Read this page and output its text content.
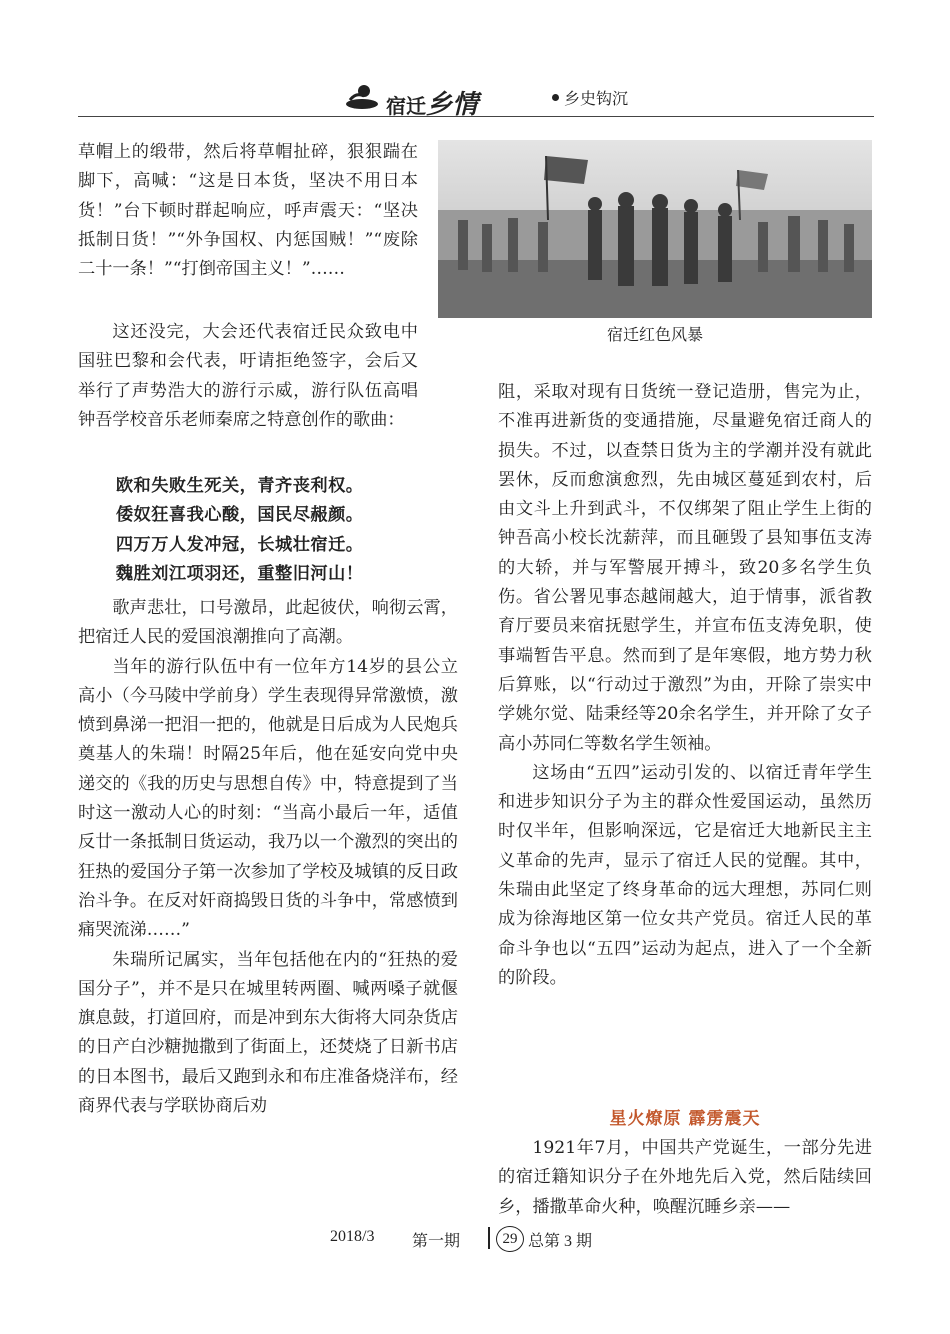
宿迁乡情	乡史钩沉

草帽上的缎带，然后将草帽扯碎，狠狠踹在脚下，高喊：“这是日本货，坚决不用日本货！”台下顿时群起响应，呼声震天：“坚决抵制日货！”“外争国权、内惩国贼！”“废除二十一条！”“打倒帝国主义！”……

宿迁红色风暴

这还没完，大会还代表宿迁民众致电中国驻巴黎和会代表，吁请拒绝签字，会后又举行了声势浩大的游行示威，游行队伍高唱钟吾学校音乐老师秦席之特意创作的歌曲：

欧和失败生死关，青齐丧利权。

倭奴狂喜我心酸，国民尽赧颜。

四万万人发冲冠，长城壮宿迁。

魏胜刘江项羽还，重整旧河山！

歌声悲壮，口号激昂，此起彼伏，响彻云霄，把宿迁人民的爱国浪潮推向了高潮。

当年的游行队伍中有一位年方14岁的县公立高小（今马陵中学前身）学生表现得异常激愤，激愤到鼻涕一把泪一把的，他就是日后成为人民炮兵奠基人的朱瑞！时隔25年后，他在延安向党中央递交的《我的历史与思想自传》中，特意提到了当时这一激动人心的时刻：“当高小最后一年，适值反廿一条抵制日货运动，我乃以一个激烈的突出的狂热的爱国分子第一次参加了学校及城镇的反日政治斗争。在反对奸商捣毁日货的斗争中，常感愤到痛哭流涕……”

朱瑞所记属实，当年包括他在内的“狂热的爱国分子”，并不是只在城里转两圈、喊两嗓子就偃旗息鼓，打道回府，而是冲到东大街将大同杂货店的日产白沙糖抛撒到了街面上，还焚烧了日新书店的日本图书，最后又跑到永和布庄准备烧洋布，经商界代表与学联协商后劝

阻，采取对现有日货统一登记造册，售完为止，不准再进新货的变通措施，尽量避免宿迁商人的损失。不过，以查禁日货为主的学潮并没有就此罢休，反而愈演愈烈，先由城区蔓延到农村，后由文斗上升到武斗，不仅绑架了阻止学生上街的钟吾高小校长沈薪萍，而且砸毁了县知事伍支涛的大轿，并与军警展开搏斗，致20多名学生负伤。省公署见事态越闹越大，迫于情事，派省教育厅要员来宿抚慰学生，并宣布伍支涛免职，使事端暂告平息。然而到了是年寒假，地方势力秋后算账，以“行动过于激烈”为由，开除了崇实中学姚尔觉、陆秉经等20余名学生，并开除了女子高小苏同仁等数名学生领袖。

这场由“五四”运动引发的、以宿迁青年学生和进步知识分子为主的群众性爱国运动，虽然历时仅半年，但影响深远，它是宿迁大地新民主主义革命的先声，显示了宿迁人民的觉醒。其中，朱瑞由此坚定了终身革命的远大理想，苏同仁则成为徐海地区第一位女共产党员。宿迁人民的革命斗争也以“五四”运动为起点，进入了一个全新的阶段。

星火燎原 霹雳震天

1921年7月，中国共产党诞生，一部分先进的宿迁籍知识分子在外地先后入党，然后陆续回乡，播撒革命火种，唤醒沉睡乡亲——

2018/3 第一期	29 总第 3 期
